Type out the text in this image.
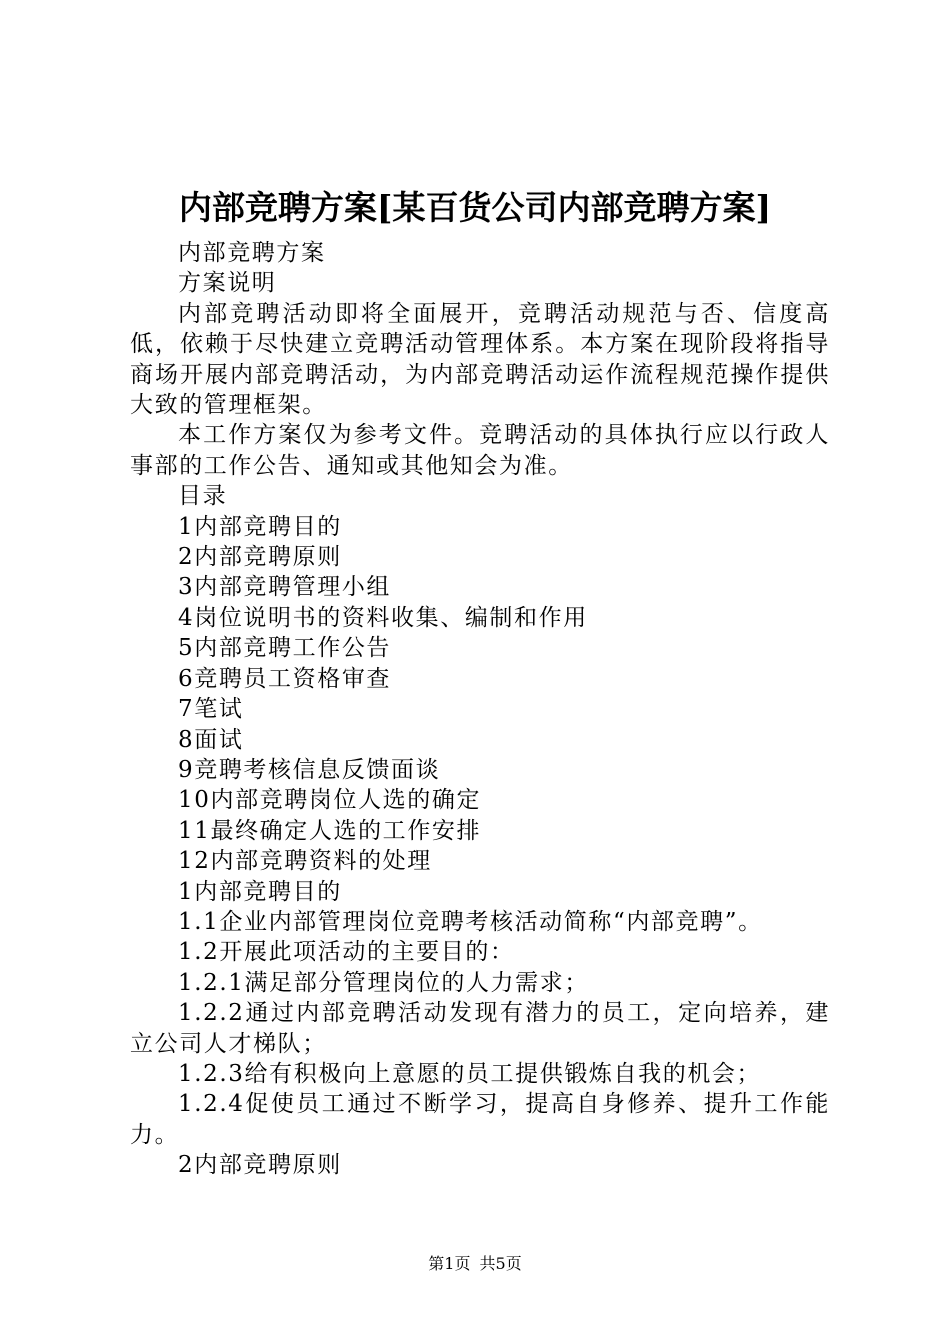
内部竞聘方案[某百货公司内部竞聘方案]

内部竞聘方案

方案说明

内部竞聘活动即将全面展开，竞聘活动规范与否、信度高低，依赖于尽快建立竞聘活动管理体系。本方案在现阶段将指导商场开展内部竞聘活动，为内部竞聘活动运作流程规范操作提供大致的管理框架。

本工作方案仅为参考文件。竞聘活动的具体执行应以行政人事部的工作公告、通知或其他知会为准。

目录

1内部竞聘目的

2内部竞聘原则

3内部竞聘管理小组

4岗位说明书的资料收集、编制和作用

5内部竞聘工作公告

6竞聘员工资格审查

7笔试

8面试

9竞聘考核信息反馈面谈

10内部竞聘岗位人选的确定

11最终确定人选的工作安排

12内部竞聘资料的处理

1内部竞聘目的

1.1企业内部管理岗位竞聘考核活动简称“内部竞聘”。

1.2开展此项活动的主要目的：

1.2.1满足部分管理岗位的人力需求；

1.2.2通过内部竞聘活动发现有潜力的员工，定向培养，建立公司人才梯队；

1.2.3给有积极向上意愿的员工提供锻炼自我的机会；

1.2.4促使员工通过不断学习，提高自身修养、提升工作能力。

2内部竞聘原则

第1页 共5页
